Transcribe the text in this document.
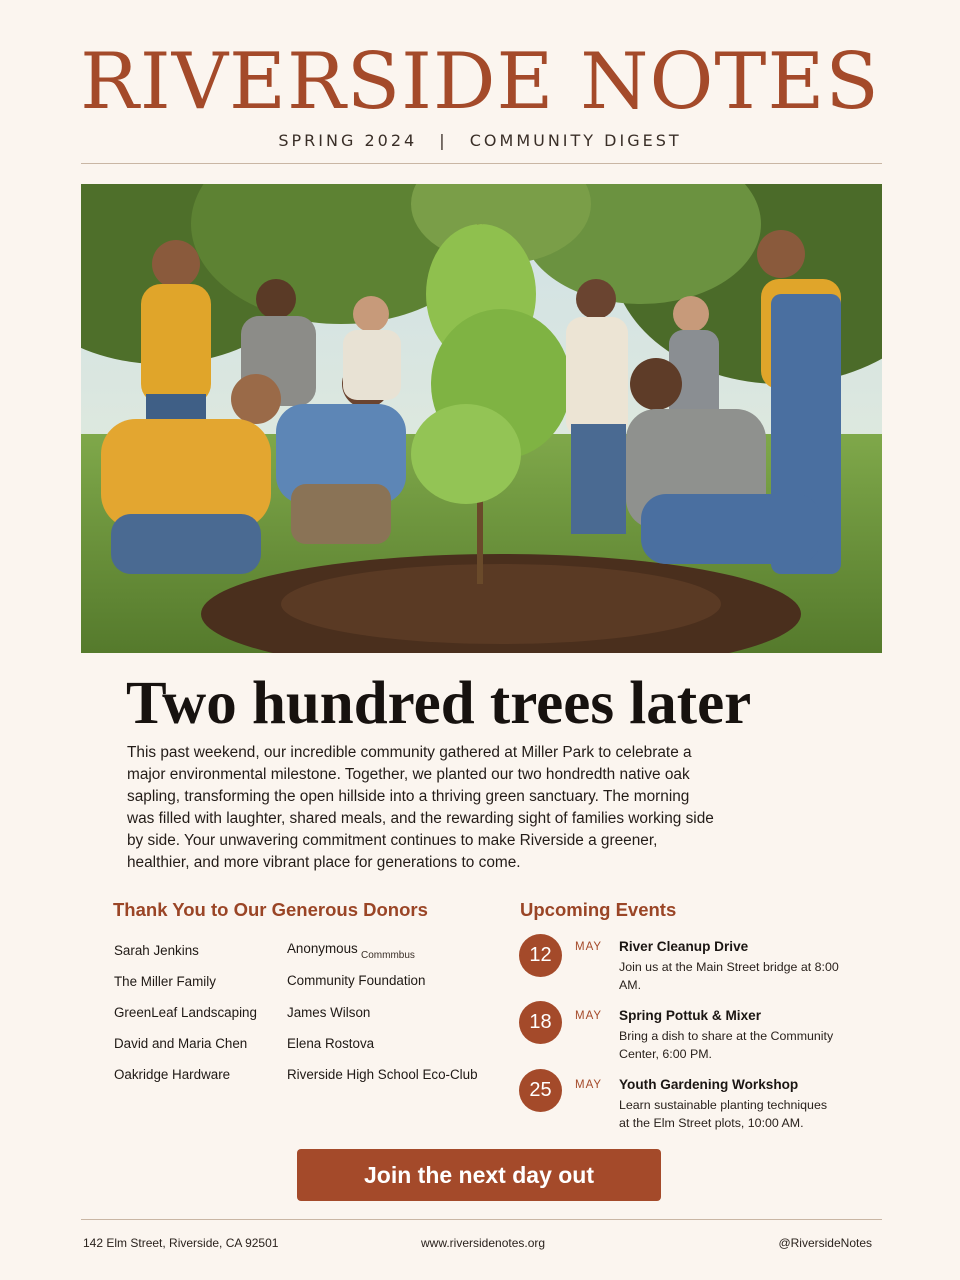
RIVERSIDE NOTES
SPRING 2024 | COMMUNITY DIGEST
Two hundred trees later
This past weekend, our incredible community gathered at Miller Park to celebrate a major environmental milestone. Together, we planted our two hondredth native oak sapling, transforming the open hillside into a thriving green sanctuary. The morning was filled with laughter, shared meals, and the rewarding sight of families working side by side. Your unwavering commitment continues to make Riverside a greener, healthier, and more vibrant place for generations to come.
Thank You to Our Generous Donors
Sarah Jenkins
The Miller Family
GreenLeaf Landscaping
David and Maria Chen
Oakridge Hardware
Anonymous Commmbus
Community Foundation
James Wilson
Elena Rostova
Riverside High School Eco-Club
Upcoming Events
12	MAY River Cleanup Drive
Join us at the Main Street bridge at 8:00 AM.
18	MAY Spring Pottuk & Mixer
Bring a dish to share at the Community Center, 6:00 PM.
25	MAY Youth Gardening Workshop
Learn sustainable planting techniques at the Elm Street plots, 10:00 AM.
Join the next day out
142 Elm Street, Riverside, CA 92501	www.riversidenotes.org	@RiversideNotes
